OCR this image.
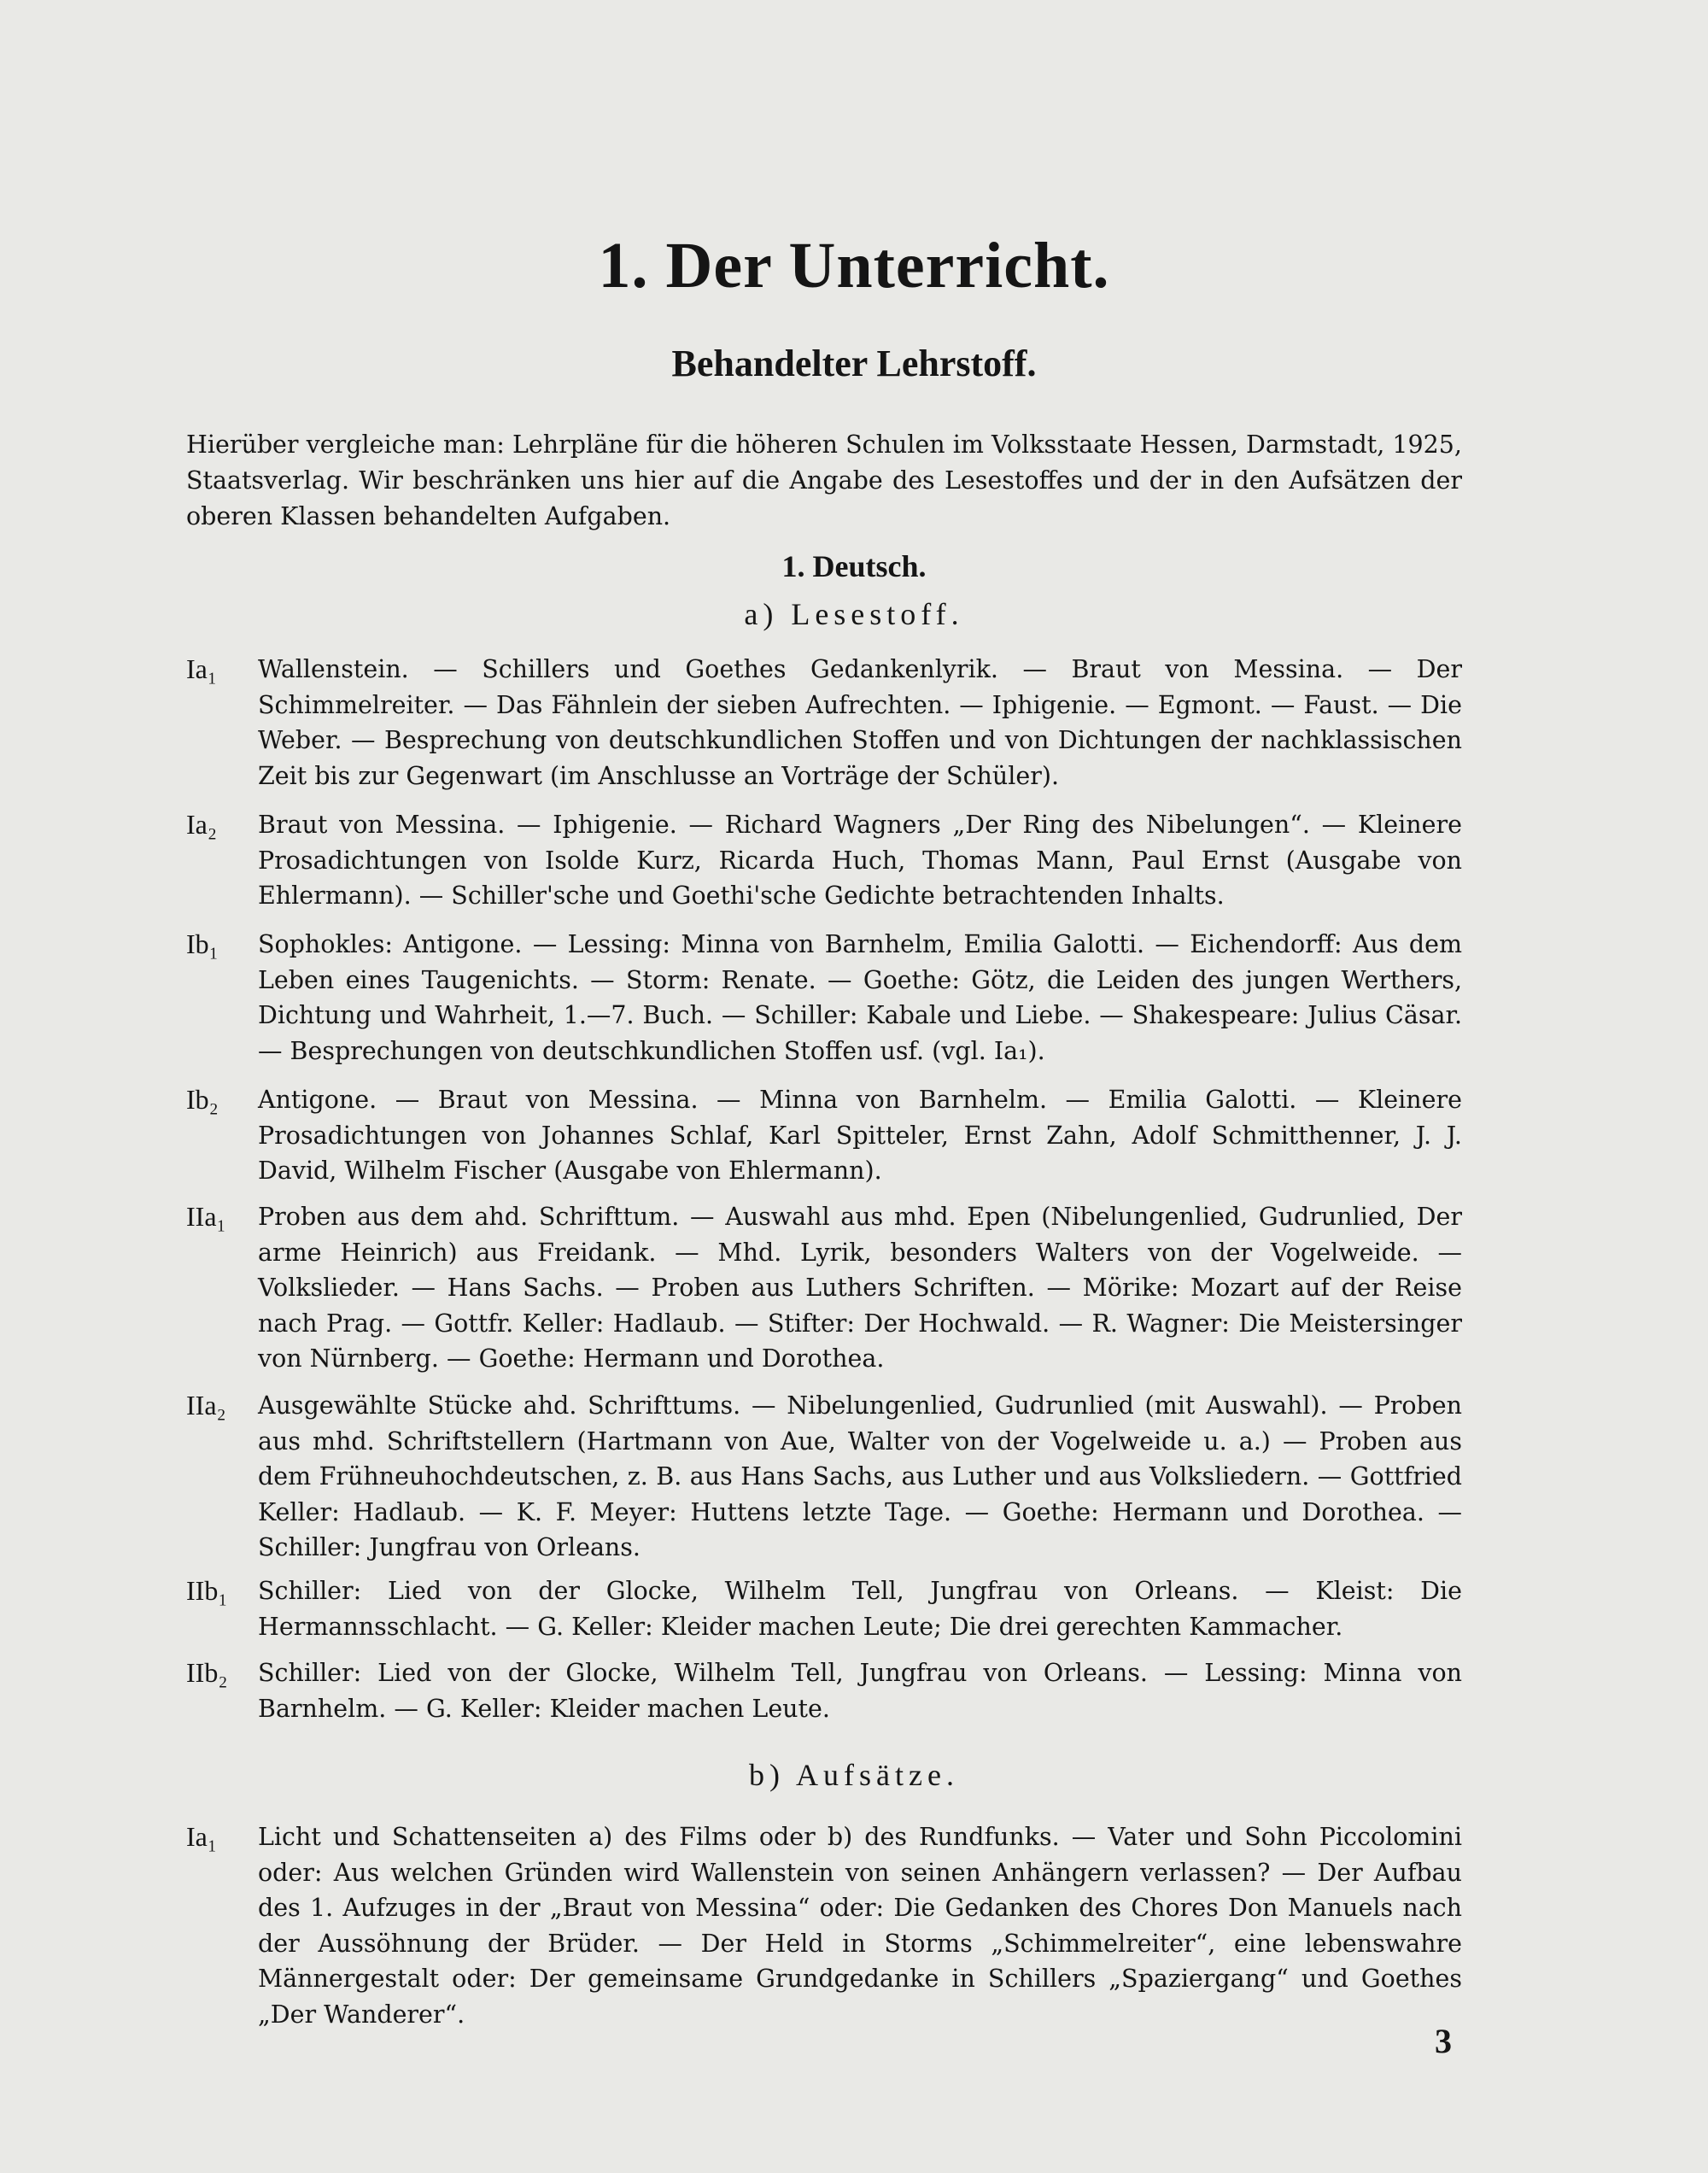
1. Der Unterricht.
Behandelter Lehrstoff.
Hierüber vergleiche man: Lehrpläne für die höheren Schulen im Volksstaate Hessen, Darmstadt, 1925, Staatsverlag. Wir beschränken uns hier auf die Angabe des Lesestoffes und der in den Aufsätzen der oberen Klassen behandelten Aufgaben.
1. Deutsch.
a) Lesestoff.
Ia₁	Wallenstein. — Schillers und Goethes Gedankenlyrik. — Braut von Messina. — Der Schimmelreiter. — Das Fähnlein der sieben Aufrechten. — Iphigenie. — Egmont. — Faust. — Die Weber. — Besprechung von deutschkundlichen Stoffen und von Dichtungen der nachklassischen Zeit bis zur Gegenwart (im Anschlusse an Vorträge der Schüler).
Ia₂	Braut von Messina. — Iphigenie. — Richard Wagners „Der Ring des Nibelungen“. — Kleinere Prosadichtungen von Isolde Kurz, Ricarda Huch, Thomas Mann, Paul Ernst (Ausgabe von Ehlermann). — Schiller'sche und Goethi'sche Gedichte betrachtenden Inhalts.
Ib₁	Sophokles: Antigone. — Lessing: Minna von Barnhelm, Emilia Galotti. — Eichendorff: Aus dem Leben eines Taugenichts. — Storm: Renate. — Goethe: Götz, die Leiden des jungen Werthers, Dichtung und Wahrheit, 1.—7. Buch. — Schiller: Kabale und Liebe. — Shakespeare: Julius Cäsar. — Besprechungen von deutschkundlichen Stoffen usf. (vgl. Ia₁).
Ib₂	Antigone. — Braut von Messina. — Minna von Barnhelm. — Emilia Galotti. — Kleinere Prosadichtungen von Johannes Schlaf, Karl Spitteler, Ernst Zahn, Adolf Schmitthenner, J. J. David, Wilhelm Fischer (Ausgabe von Ehlermann).
IIa₁	Proben aus dem ahd. Schrifttum. — Auswahl aus mhd. Epen (Nibelungenlied, Gudrunlied, Der arme Heinrich) aus Freidank. — Mhd. Lyrik, besonders Walters von der Vogelweide. — Volkslieder. — Hans Sachs. — Proben aus Luthers Schriften. — Mörike: Mozart auf der Reise nach Prag. — Gottfr. Keller: Hadlaub. — Stifter: Der Hochwald. — R. Wagner: Die Meistersinger von Nürnberg. — Goethe: Hermann und Dorothea.
IIa₂	Ausgewählte Stücke ahd. Schrifttums. — Nibelungenlied, Gudrunlied (mit Auswahl). — Proben aus mhd. Schriftstellern (Hartmann von Aue, Walter von der Vogelweide u. a.) — Proben aus dem Frühneuhochdeutschen, z. B. aus Hans Sachs, aus Luther und aus Volksliedern. — Gottfried Keller: Hadlaub. — K. F. Meyer: Huttens letzte Tage. — Goethe: Hermann und Dorothea. — Schiller: Jungfrau von Orleans.
IIb₁	Schiller: Lied von der Glocke, Wilhelm Tell, Jungfrau von Orleans. — Kleist: Die Hermannsschlacht. — G. Keller: Kleider machen Leute; Die drei gerechten Kammacher.
IIb₂	Schiller: Lied von der Glocke, Wilhelm Tell, Jungfrau von Orleans. — Lessing: Minna von Barnhelm. — G. Keller: Kleider machen Leute.
b) Aufsätze.
Ia₁	Licht und Schattenseiten a) des Films oder b) des Rundfunks. — Vater und Sohn Piccolomini oder: Aus welchen Gründen wird Wallenstein von seinen Anhängern verlassen? — Der Aufbau des 1. Aufzuges in der „Braut von Messina“ oder: Die Gedanken des Chores Don Manuels nach der Aussöhnung der Brüder. — Der Held in Storms „Schimmelreiter“, eine lebenswahre Männergestalt oder: Der gemeinsame Grundgedanke in Schillers „Spaziergang“ und Goethes „Der Wanderer“.
3
